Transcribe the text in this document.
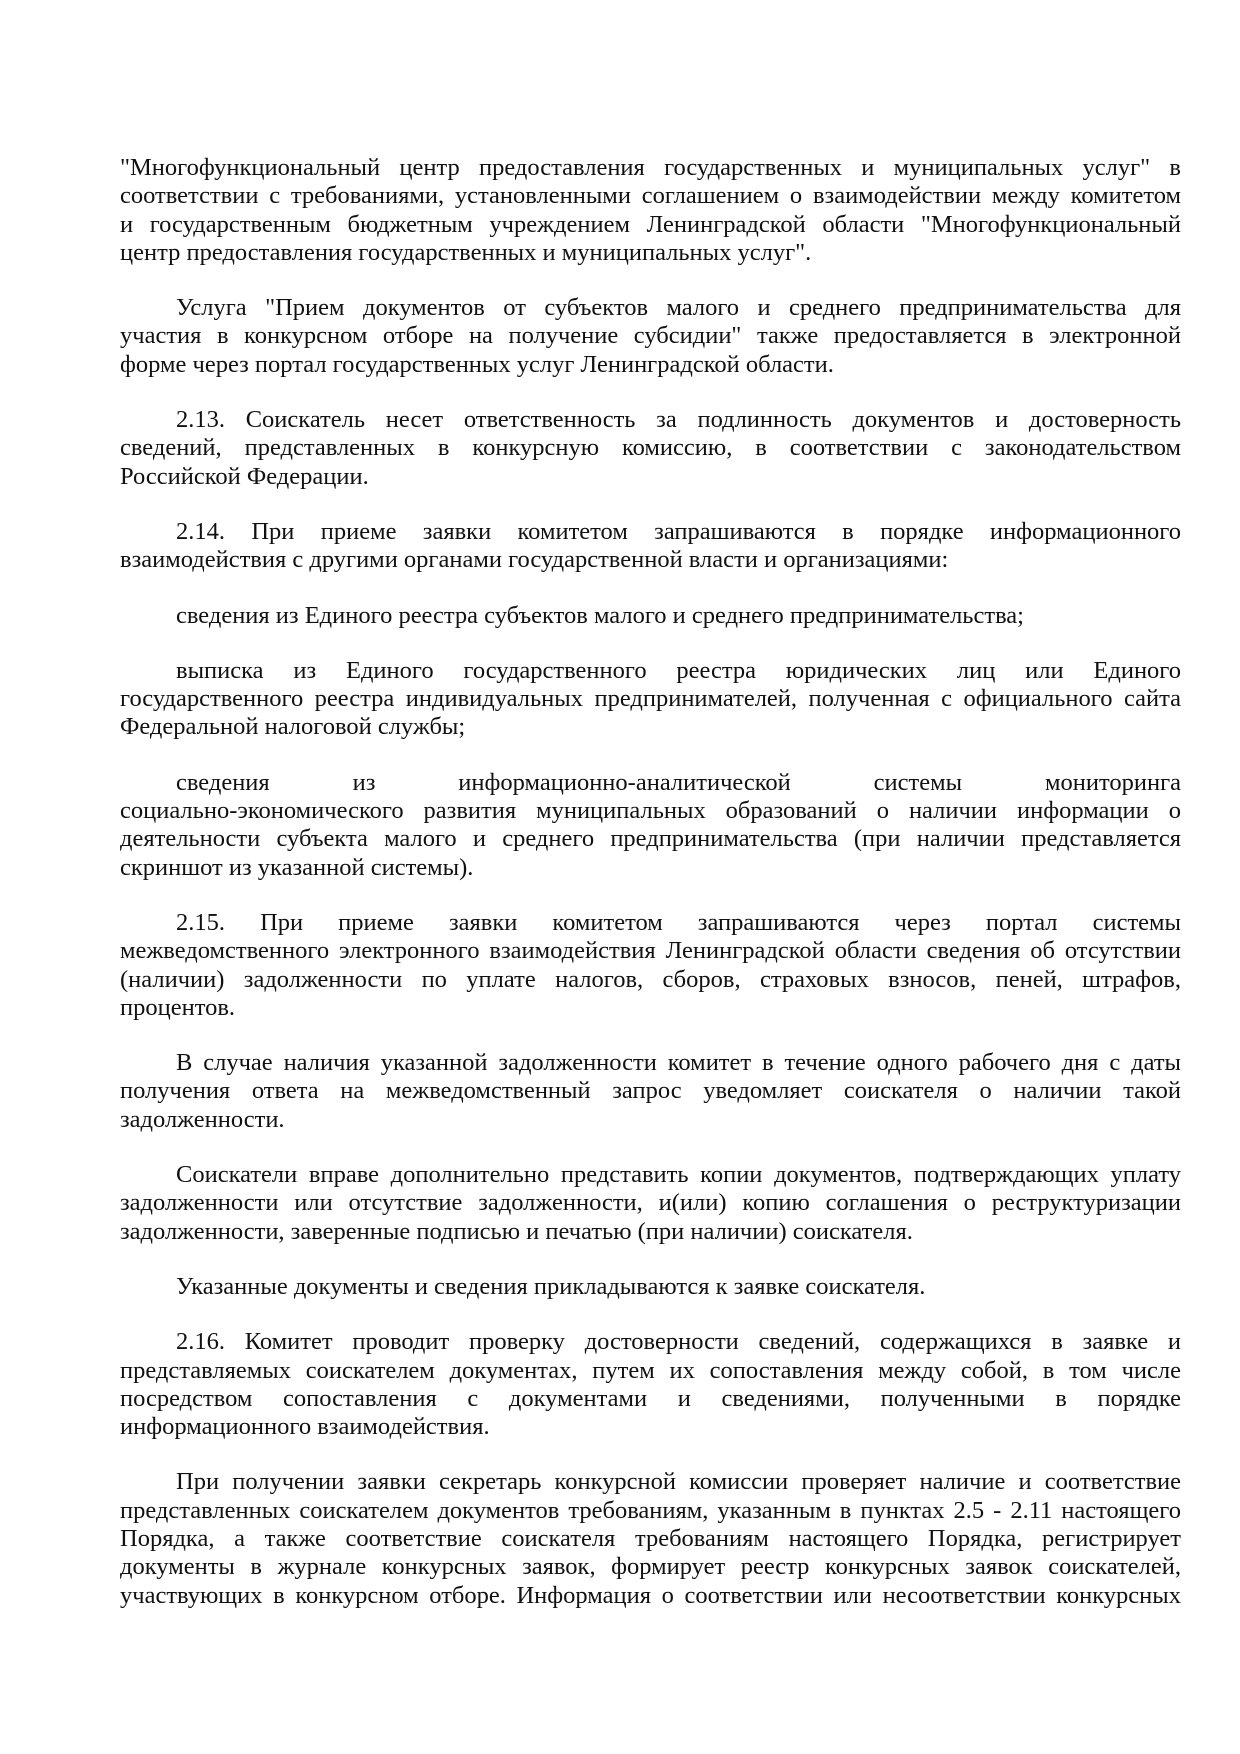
"Многофункциональный центр предоставления государственных и муниципальных услуг" в
соответствии с требованиями, установленными соглашением о взаимодействии между комитетом
и государственным бюджетным учреждением Ленинградской области "Многофункциональный
центр предоставления государственных и муниципальных услуг".
Услуга "Прием документов от субъектов малого и среднего предпринимательства для
участия в конкурсном отборе на получение субсидии" также предоставляется в электронной
форме через портал государственных услуг Ленинградской области.
2.13. Соискатель несет ответственность за подлинность документов и достоверность
сведений, представленных в конкурсную комиссию, в соответствии с законодательством
Российской Федерации.
2.14. При приеме заявки комитетом запрашиваются в порядке информационного
взаимодействия с другими органами государственной власти и организациями:
сведения из Единого реестра субъектов малого и среднего предпринимательства;
выписка из Единого государственного реестра юридических лиц или Единого
государственного реестра индивидуальных предпринимателей, полученная с официального сайта
Федеральной налоговой службы;
сведения из информационно-аналитической системы мониторинга
социально-экономического развития муниципальных образований о наличии информации о
деятельности субъекта малого и среднего предпринимательства (при наличии представляется
скриншот из указанной системы).
2.15. При приеме заявки комитетом запрашиваются через портал системы
межведомственного электронного взаимодействия Ленинградской области сведения об отсутствии
(наличии) задолженности по уплате налогов, сборов, страховых взносов, пеней, штрафов,
процентов.
В случае наличия указанной задолженности комитет в течение одного рабочего дня с даты
получения ответа на межведомственный запрос уведомляет соискателя о наличии такой
задолженности.
Соискатели вправе дополнительно представить копии документов, подтверждающих уплату
задолженности или отсутствие задолженности, и(или) копию соглашения о реструктуризации
задолженности, заверенные подписью и печатью (при наличии) соискателя.
Указанные документы и сведения прикладываются к заявке соискателя.
2.16. Комитет проводит проверку достоверности сведений, содержащихся в заявке и
представляемых соискателем документах, путем их сопоставления между собой, в том числе
посредством сопоставления с документами и сведениями, полученными в порядке
информационного взаимодействия.
При получении заявки секретарь конкурсной комиссии проверяет наличие и соответствие
представленных соискателем документов требованиям, указанным в пунктах 2.5 - 2.11 настоящего
Порядка, а также соответствие соискателя требованиям настоящего Порядка, регистрирует
документы в журнале конкурсных заявок, формирует реестр конкурсных заявок соискателей,
участвующих в конкурсном отборе. Информация о соответствии или несоответствии конкурсных
